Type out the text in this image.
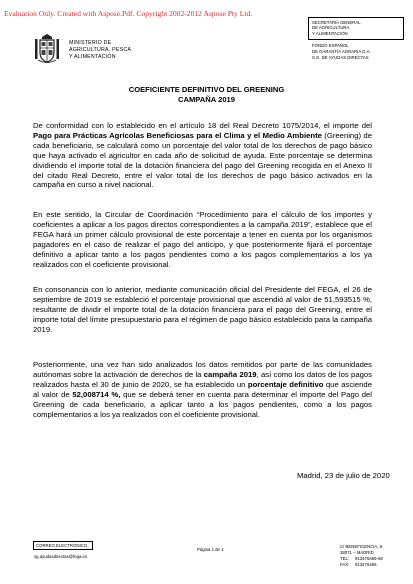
Evaluation Only. Created with Aspose.Pdf. Copyright 2002-2012 Aspose Pty Ltd.
MINISTERIO DE
AGRICULTURA, PESCA
Y ALIMENTACIÓN
SECRETARÍA GENERAL
DE AGRICULTURA
Y ALIMENTACIÓN
FONDO ESPAÑOL
DE GARANTÍA AGRARIA O.A.
S.G. DE AYUDAS DIRECTAS
COEFICIENTE DEFINITIVO DEL GREENING
CAMPAÑA 2019
De conformidad con lo establecido en el artículo 18 del Real Decreto 1075/2014, el importe del Pago para Prácticas Agrícolas Beneficiosas para el Clima y el Medio Ambiente (Greening) de cada beneficiario, se calculará como un porcentaje del valor total de los derechos de pago básico que haya activado el agricultor en cada año de solicitud de ayuda. Este porcentaje se determina dividiendo el importe total de la dotación financiera del pago del Greening recogida en el Anexo II del citado Real Decreto, entre el valor total de los derechos de pago básico activados en la campaña en curso a nivel nacional.
En este sentido, la Circular de Coordinación “Procedimiento para el cálculo de los importes y coeficientes a aplicar a los pagos directos correspondientes a la campaña 2019”, establece que el FEGA hará un primer cálculo provisional de este porcentaje a tener en cuenta por los organismos pagadores en el caso de realizar el pago del anticipo, y que posteriormente fijará el porcentaje definitivo a aplicar tanto a los pagos pendientes como a los pagos complementarios a los ya realizados con el coeficiente provisional.
En consonancia con lo anterior, mediante comunicación oficial del Presidente del FEGA, el 26 de septiembre de 2019 se estableció el porcentaje provisional que ascendió al valor de 51,593515 %, resultante de dividir el importe total de la dotación financiera para el pago del Greening, entre el importe total del límite presupuestario para el régimen de pago básico establecido para la campaña 2019.
Posteriormente, una vez han sido analizados los datos remitidos por parte de las comunidades autónomas sobre la activación de derechos de la campaña 2019, así como los datos de los pagos realizados hasta el 30 de junio de 2020, se ha establecido un porcentaje definitivo que asciende al valor de 52,008714 %, que se deberá tener en cuenta para determinar el importe del Pago del Greening de cada beneficiario, a aplicar tanto a los pagos pendientes, como a los pagos complementarios a los ya realizados con el coeficiente provisional.
Madrid, 23 de julio de 2020
CORREO ELECTRÓNICO
sg.ayudasdirectas@fega.es
Página 1 de 1
C/ BENEFICENCIA, 8
28071 – MADRID
TEL: 913476466-68
FAX: 913476465
